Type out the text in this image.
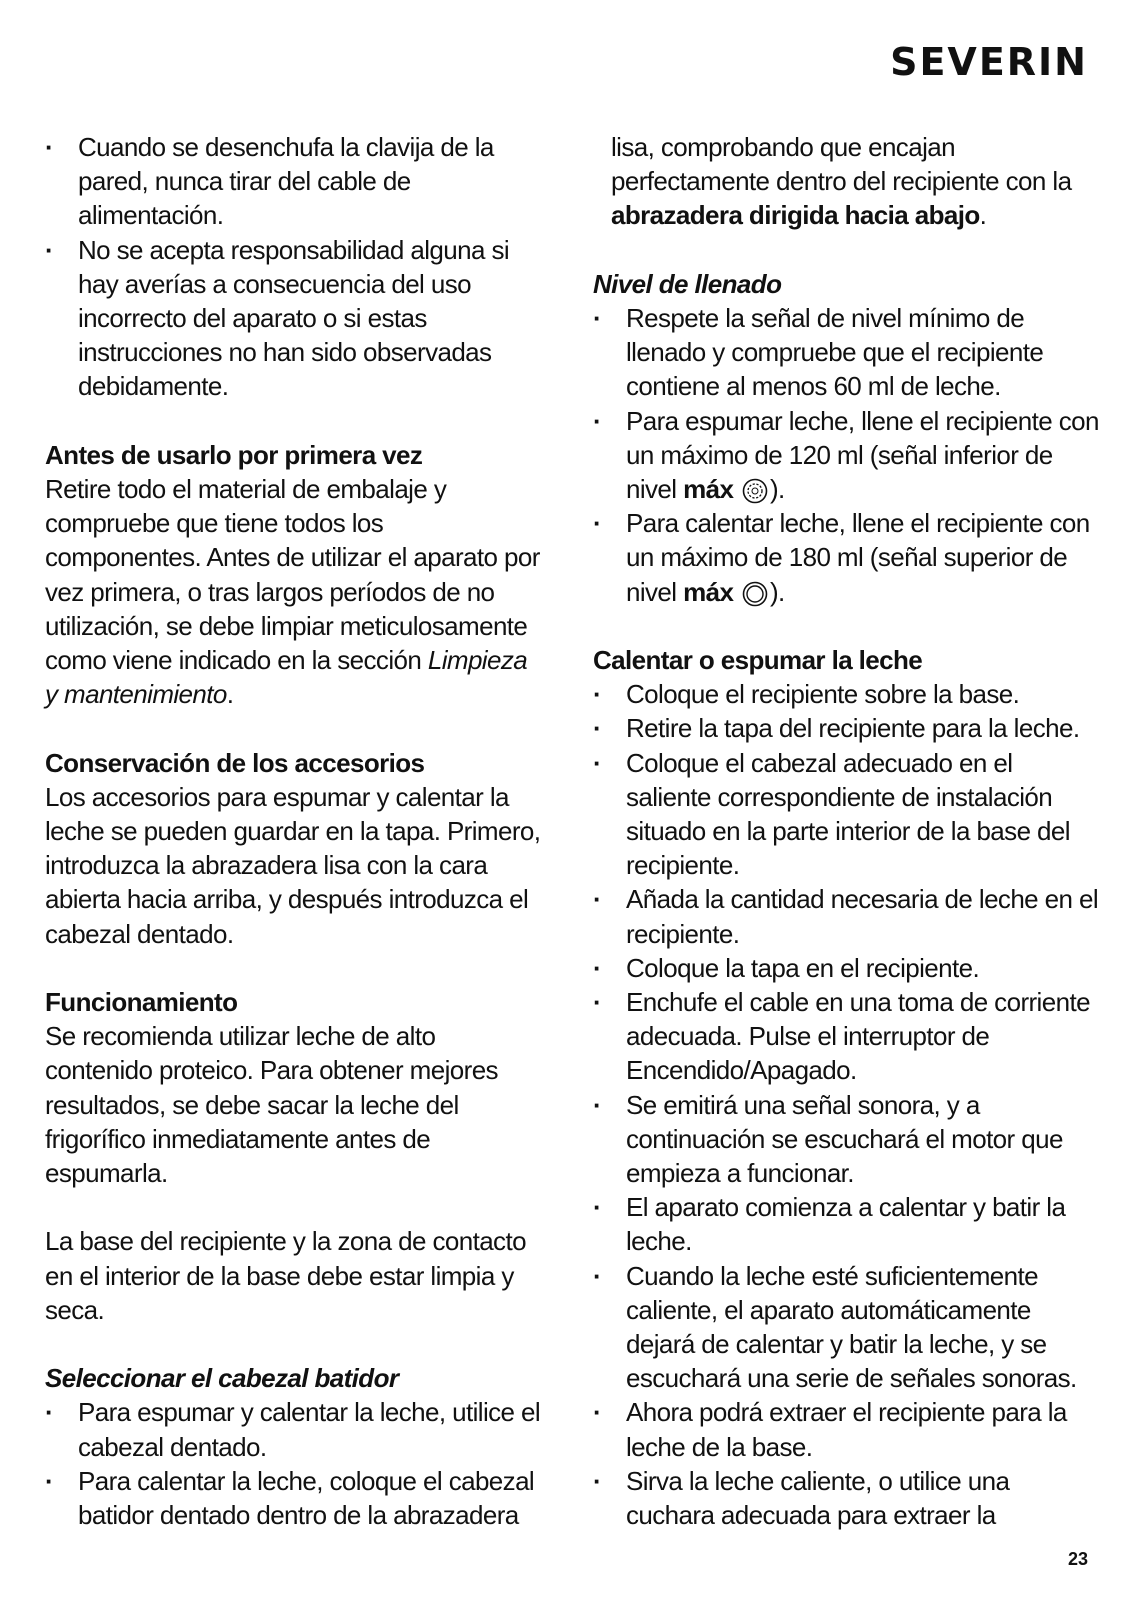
SEVERIN

· Cuando se desenchufa la clavija de la pared, nunca tirar del cable de alimentación.

· No se acepta responsabilidad alguna si hay averías a consecuencia del uso incorrecto del aparato o si estas instrucciones no han sido observadas debidamente.

Antes de usarlo por primera vez

Retire todo el material de embalaje y compruebe que tiene todos los componentes. Antes de utilizar el aparato por vez primera, o tras largos períodos de no utilización, se debe limpiar meticulosamente como viene indicado en la sección Limpieza y mantenimiento.

Conservación de los accesorios

Los accesorios para espumar y calentar la leche se pueden guardar en la tapa. Primero, introduzca la abrazadera lisa con la cara abierta hacia arriba, y después introduzca el cabezal dentado.

Funcionamiento

Se recomienda utilizar leche de alto contenido proteico. Para obtener mejores resultados, se debe sacar la leche del frigorífico inmediatamente antes de espumarla.

La base del recipiente y la zona de contacto en el interior de la base debe estar limpia y seca.

Seleccionar el cabezal batidor

· Para espumar y calentar la leche, utilice el cabezal dentado.

· Para calentar la leche, coloque el cabezal batidor dentado dentro de la abrazadera

lisa, comprobando que encajan perfectamente dentro del recipiente con la abrazadera dirigida hacia abajo.

Nivel de llenado

· Respete la señal de nivel mínimo de llenado y compruebe que el recipiente contiene al menos 60 ml de leche.

· Para espumar leche, llene el recipiente con un máximo de 120 ml (señal inferior de nivel máx ).

· Para calentar leche, llene el recipiente con un máximo de 180 ml (señal superior de nivel máx ).

Calentar o espumar la leche

· Coloque el recipiente sobre la base.

· Retire la tapa del recipiente para la leche.

· Coloque el cabezal adecuado en el saliente correspondiente de instalación situado en la parte interior de la base del recipiente.

· Añada la cantidad necesaria de leche en el recipiente.

· Coloque la tapa en el recipiente.

· Enchufe el cable en una toma de corriente adecuada. Pulse el interruptor de Encendido/Apagado.

· Se emitirá una señal sonora, y a continuación se escuchará el motor que empieza a funcionar.

· El aparato comienza a calentar y batir la leche.

· Cuando la leche esté suficientemente caliente, el aparato automáticamente dejará de calentar y batir la leche, y se escuchará una serie de señales sonoras.

· Ahora podrá extraer el recipiente para la leche de la base.

· Sirva la leche caliente, o utilice una cuchara adecuada para extraer la

23
